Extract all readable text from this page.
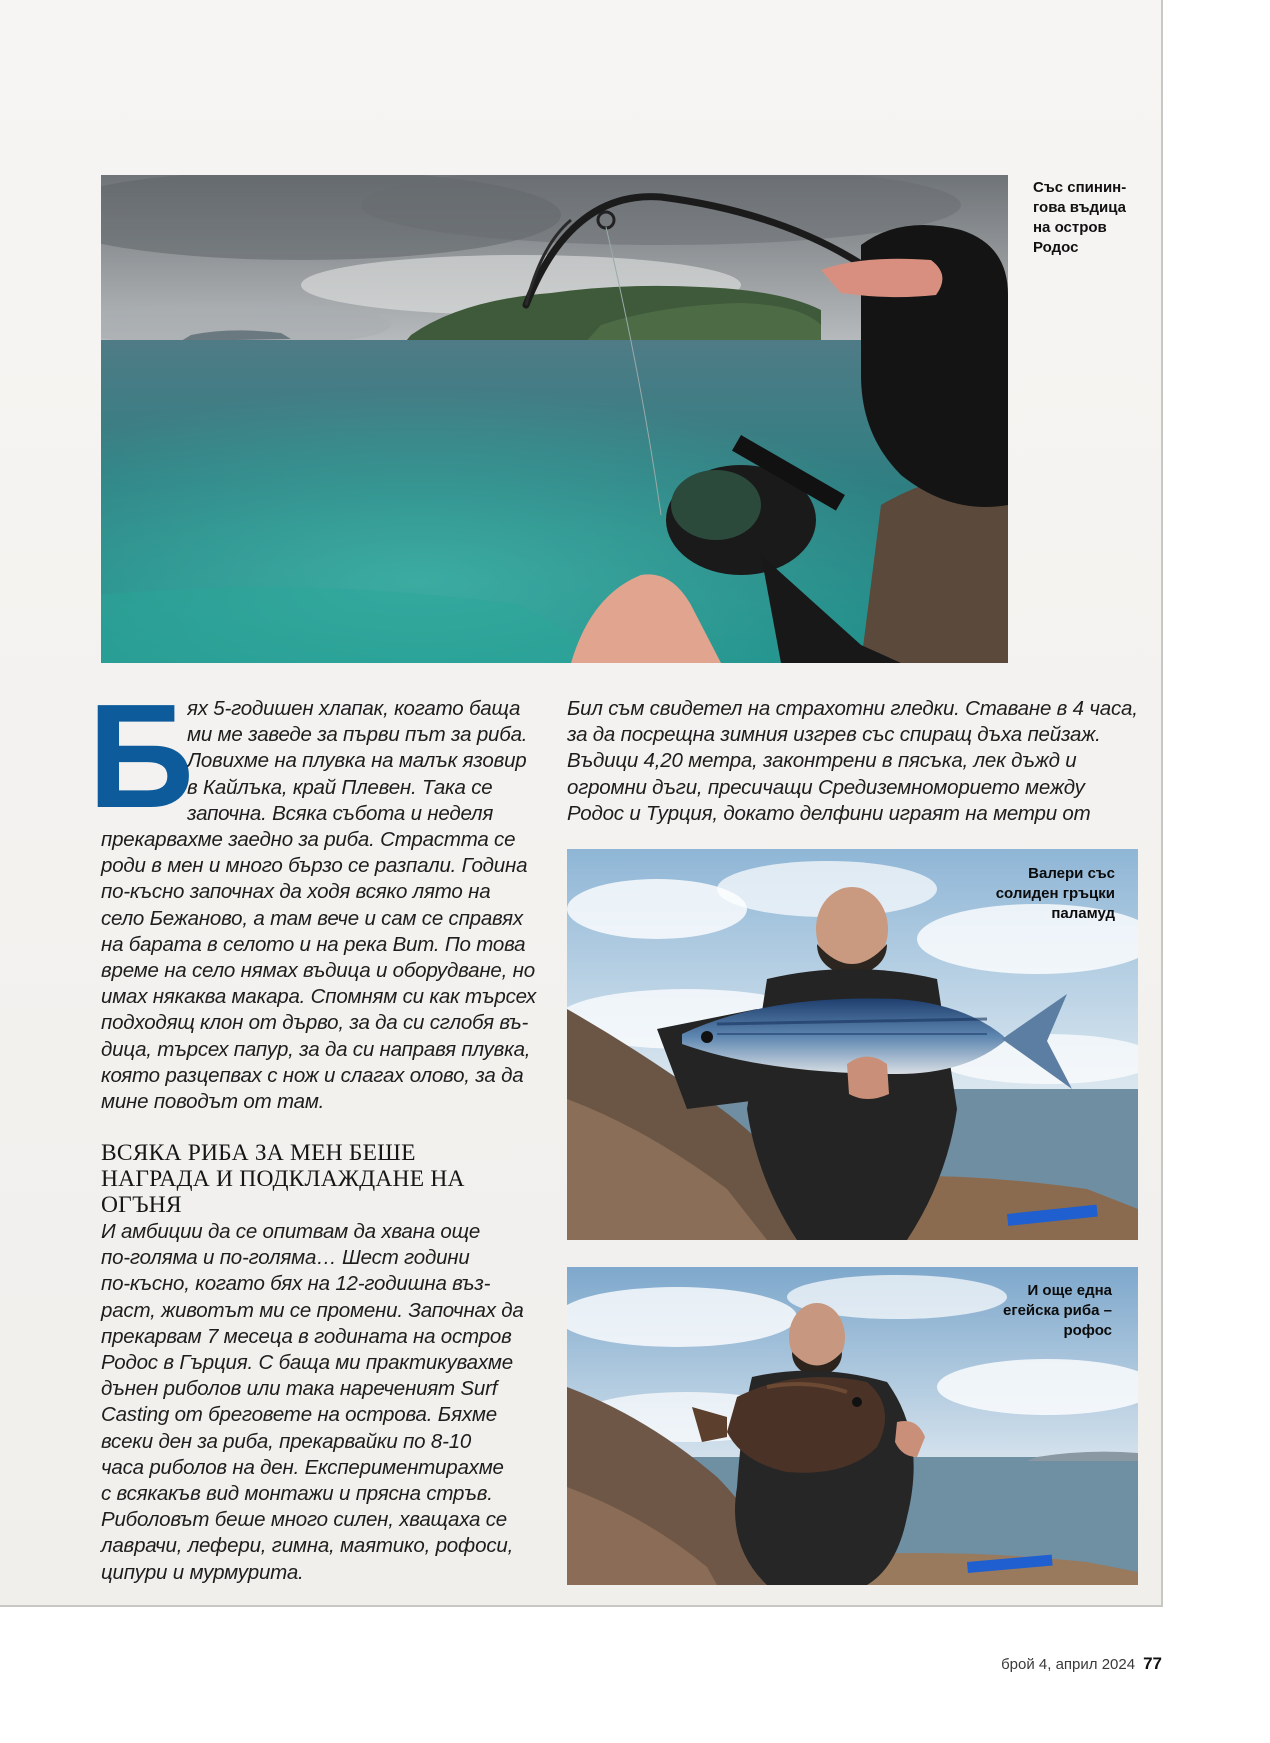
Със спинин-
гова въдица
на остров
Родос
Б
ях 5-годишен хлапак, когато баща
ми ме заведе за първи път за риба.
Ловихме на плувка на малък язовир
в Кайлъка, край Плевен. Така се
започна. Всяка събота и неделя
прекарвахме заедно за риба. Страстта се
роди в мен и много бързо се разпали. Година
по-късно започнах да ходя всяко лято на
село Бежаново, а там вече и сам се справях
на барата в селото и на река Вит. По това
време на село нямах въдица и оборудване, но
имах някаква макара. Спомням си как търсех
подходящ клон от дърво, за да си сглобя въ-
дица, търсех папур, за да си направя плувка,
която разцепвах с нож и слагах олово, за да
мине поводът от там.
ВСЯКА РИБА ЗА МЕН БЕШЕ
НАГРАДА И ПОДКЛАЖДАНЕ НА
ОГЪНЯ
И амбиции да се опитвам да хвана още
по-голяма и по-голяма… Шест години
по-късно, когато бях на 12-годишна въз-
раст, животът ми се промени. Започнах да
прекарвам 7 месеца в годината на остров
Родос в Гърция. С баща ми практикувахме
дънен риболов или така нареченият Surf
Casting от бреговете на острова. Бяхме
всеки ден за риба, прекарвайки по 8-10
часа риболов на ден. Експериментирахме
с всякакъв вид монтажи и прясна стръв.
Риболовът беше много силен, хващаха се
лаврачи, лефери, гимна, маятико, рофоси,
ципури и мурмурита.
Бил съм свидетел на страхотни гледки. Ставане в 4 часа,
за да посрещна зимния изгрев със спиращ дъха пейзаж.
Въдици 4,20 метра, законтрени в пясъка, лек дъжд и
огромни дъги, пресичащи Средиземноморието между
Родос и Турция, докато делфини играят на метри от
Валери със
солиден гръцки
паламуд
И още една
егейска риба –
рофос
брой 4, април 2024 77
